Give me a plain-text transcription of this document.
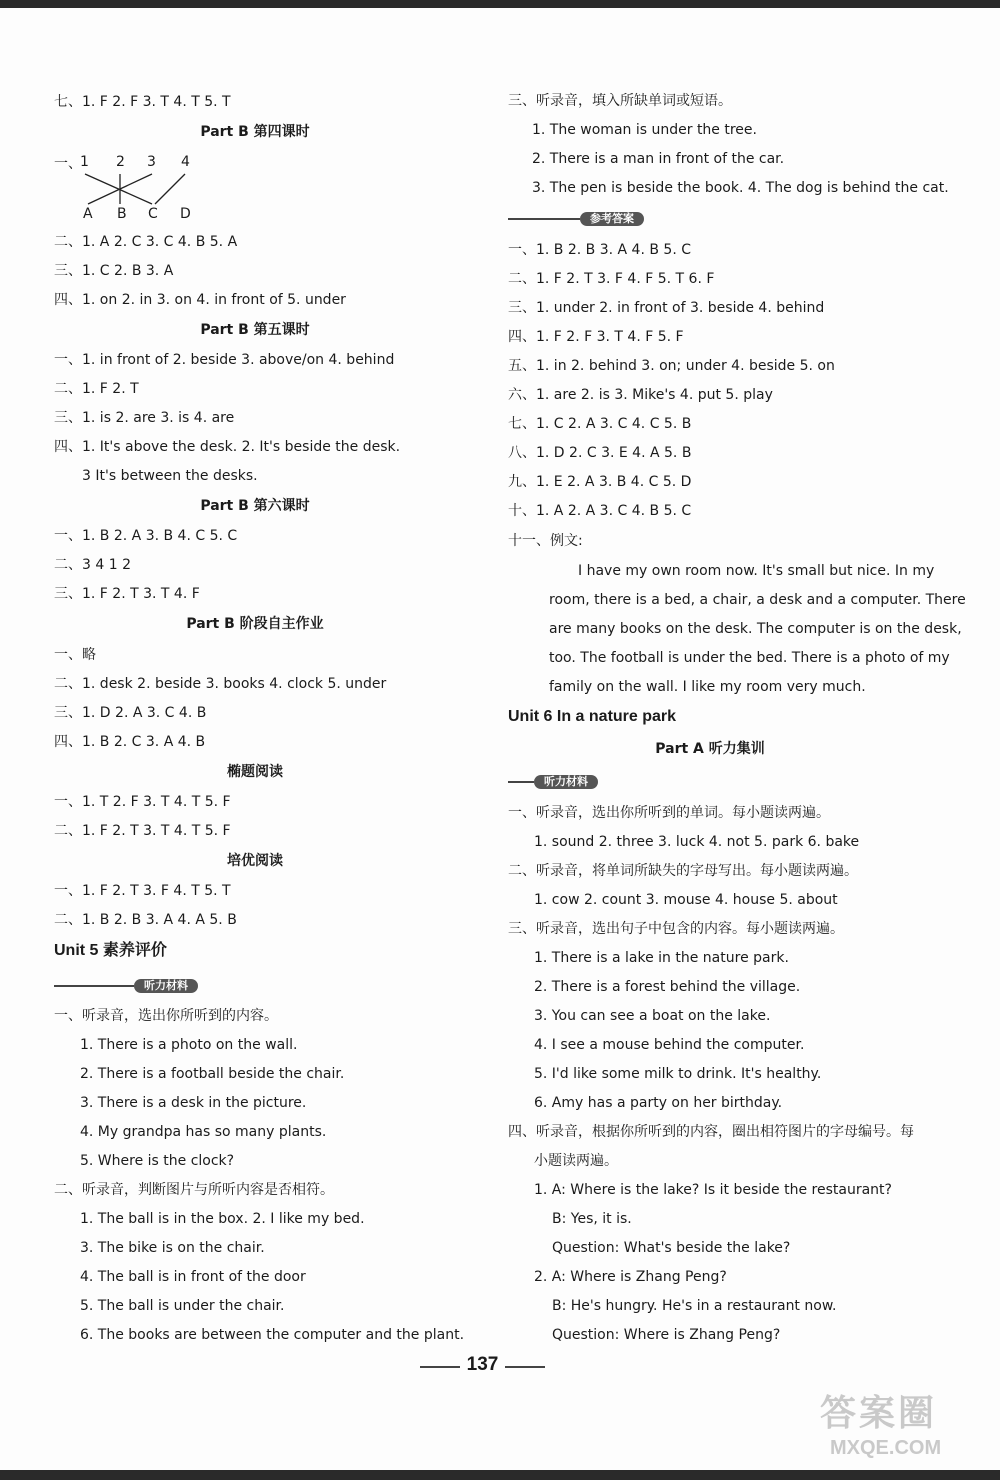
七、1. F 2. F 3. T 4. T 5. T
Part B 第四课时
一、
1 2 3 4
A B C D
二、1. A 2. C 3. C 4. B 5. A
三、1. C 2. B 3. A
四、1. on 2. in 3. on 4. in front of 5. under
Part B 第五课时
一、1. in front of 2. beside 3. above/on 4. behind
二、1. F 2. T
三、1. is 2. are 3. is 4. are
四、1. It's above the desk. 2. It's beside the desk.
3 It's between the desks.
Part B 第六课时
一、1. B 2. A 3. B 4. C 5. C
二、3 4 1 2
三、1. F 2. T 3. T 4. F
Part B 阶段自主作业
一、略
二、1. desk 2. beside 3. books 4. clock 5. under
三、1. D 2. A 3. C 4. B
四、1. B 2. C 3. A 4. B
椭题阅读
一、1. T 2. F 3. T 4. T 5. F
二、1. F 2. T 3. T 4. T 5. F
培优阅读
一、1. F 2. T 3. F 4. T 5. T
二、1. B 2. B 3. A 4. A 5. B
Unit 5 素养评价
听力材料
一、听录音，选出你所听到的内容。
1. There is a photo on the wall.
2. There is a football beside the chair.
3. There is a desk in the picture.
4. My grandpa has so many plants.
5. Where is the clock?
二、听录音，判断图片与所听内容是否相符。
1. The ball is in the box. 2. I like my bed.
3. The bike is on the chair.
4. The ball is in front of the door
5. The ball is under the chair.
6. The books are between the computer and the plant.
三、听录音，填入所缺单词或短语。
1. The woman is under the tree.
2. There is a man in front of the car.
3. The pen is beside the book. 4. The dog is behind the cat.
参考答案
一、1. B 2. B 3. A 4. B 5. C
二、1. F 2. T 3. F 4. F 5. T 6. F
三、1. under 2. in front of 3. beside 4. behind
四、1. F 2. F 3. T 4. F 5. F
五、1. in 2. behind 3. on; under 4. beside 5. on
六、1. are 2. is 3. Mike's 4. put 5. play
七、1. C 2. A 3. C 4. C 5. B
八、1. D 2. C 3. E 4. A 5. B
九、1. E 2. A 3. B 4. C 5. D
十、1. A 2. A 3. C 4. B 5. C
十一、例文:
I have my own room now. It's small but nice. In my
room, there is a bed, a chair, a desk and a computer. There
are many books on the desk. The computer is on the desk,
too. The football is under the bed. There is a photo of my
family on the wall. I like my room very much.
Unit 6 In a nature park
Part A 听力集训
听力材料
一、听录音，选出你所听到的单词。每小题读两遍。
1. sound 2. three 3. luck 4. not 5. park 6. bake
二、听录音，将单词所缺失的字母写出。每小题读两遍。
1. cow 2. count 3. mouse 4. house 5. about
三、听录音，选出句子中包含的内容。每小题读两遍。
1. There is a lake in the nature park.
2. There is a forest behind the village.
3. You can see a boat on the lake.
4. I see a mouse behind the computer.
5. I'd like some milk to drink. It's healthy.
6. Amy has a party on her birthday.
四、听录音，根据你所听到的内容，圈出相符图片的字母编号。每
小题读两遍。
1. A: Where is the lake? Is it beside the restaurant?
B: Yes, it is.
Question: What's beside the lake?
2. A: Where is Zhang Peng?
B: He's hungry. He's in a restaurant now.
Question: Where is Zhang Peng?
137
答案圈
MXQE.COM
